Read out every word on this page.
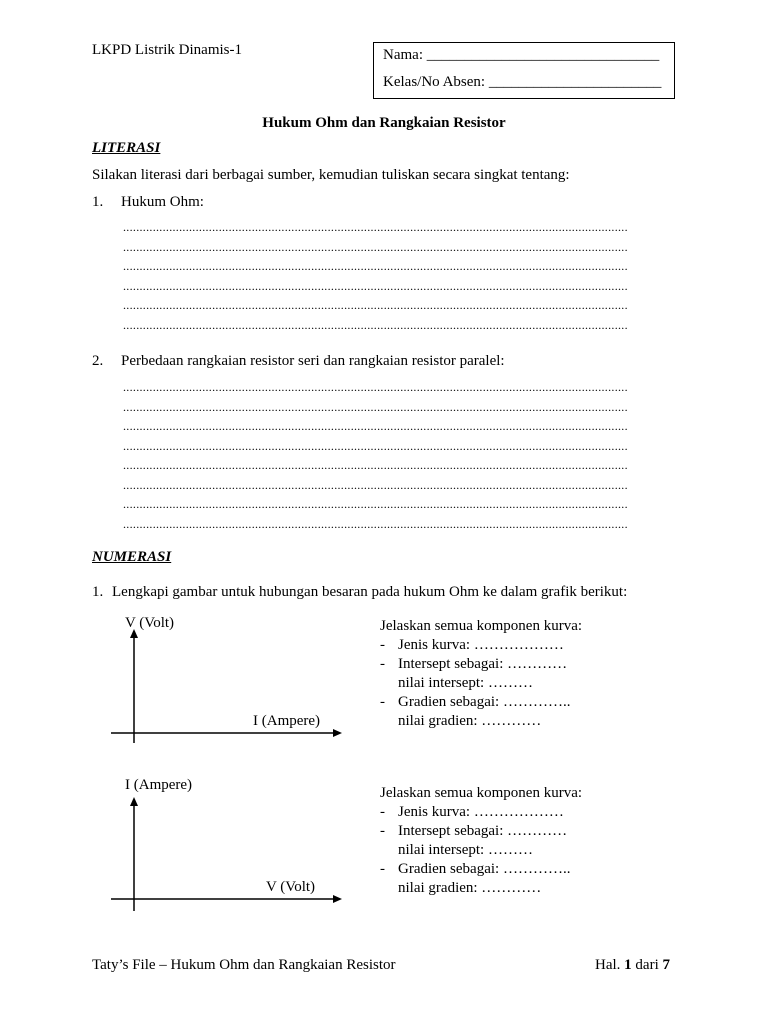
LKPD Listrik Dinamis-1	Nama: _______________________________
Kelas/No Absen: _______________________
Hukum Ohm dan Rangkaian Resistor
LITERASI
Silakan literasi dari berbagai sumber, kemudian tuliskan secara singkat tentang:
1. Hukum Ohm:
.........................................................................................................................................................
.........................................................................................................................................................
.........................................................................................................................................................
.........................................................................................................................................................
.........................................................................................................................................................
.........................................................................................................................................................
2. Perbedaan rangkaian resistor seri dan rangkaian resistor paralel:
.........................................................................................................................................................
.........................................................................................................................................................
.........................................................................................................................................................
.........................................................................................................................................................
.........................................................................................................................................................
.........................................................................................................................................................
.........................................................................................................................................................
.........................................................................................................................................................
NUMERASI
1. Lengkapi gambar untuk hubungan besaran pada hukum Ohm ke dalam grafik berikut:
V (Volt)
I (Ampere)
Jelaskan semua komponen kurva:
- Jenis kurva: ………………
- Intersept sebagai: …………
nilai intersept: ………
- Gradien sebagai: …………..
nilai gradien: …………
I (Ampere)
V (Volt)
Jelaskan semua komponen kurva:
- Jenis kurva: ………………
- Intersept sebagai: …………
nilai intersept: ………
- Gradien sebagai: …………..
nilai gradien: …………
Taty’s File – Hukum Ohm dan Rangkaian Resistor	Hal. 1 dari 7
